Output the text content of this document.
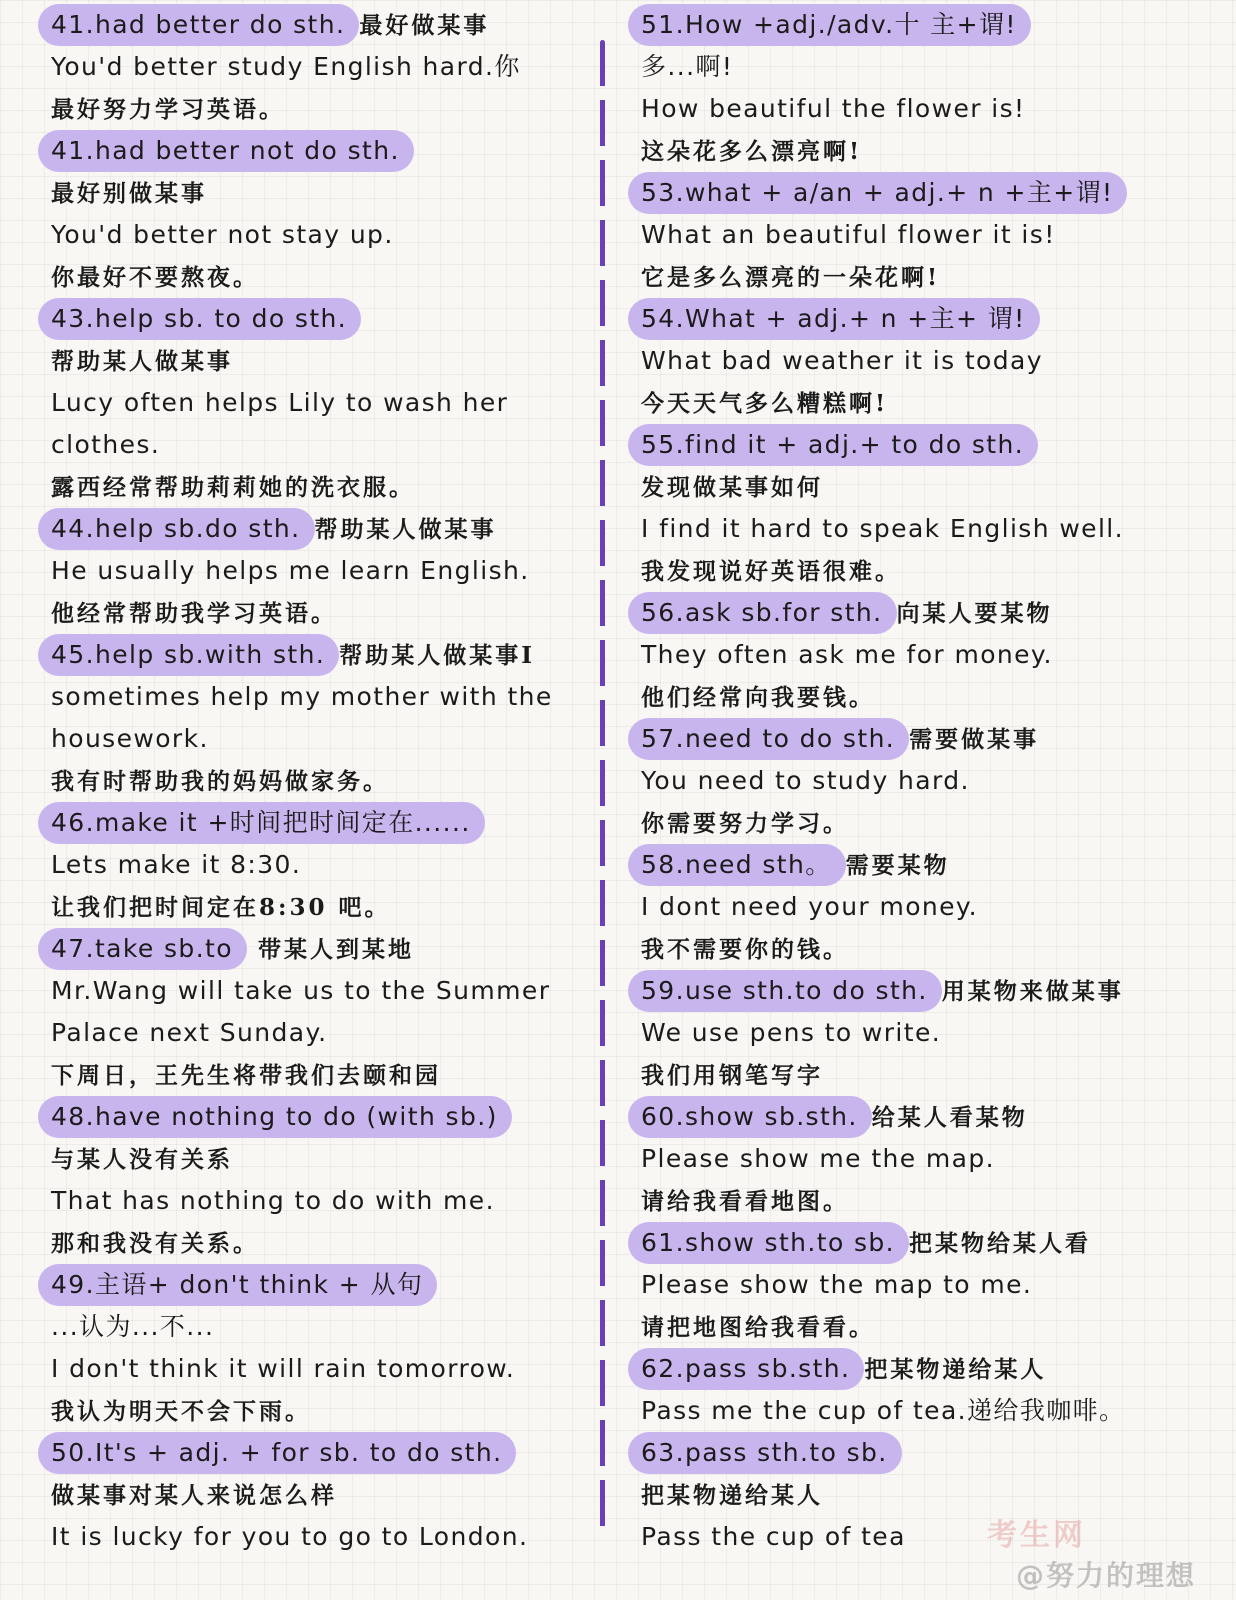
41.had better do sth. 最好做某事
You'd better study English hard.你
最好努力学习英语。
41.had better not do sth.
最好别做某事
You'd better not stay up.
你最好不要熬夜。
43.help sb. to do sth.
帮助某人做某事
Lucy often helps Lily to wash her
clothes.
露西经常帮助莉莉她的洗衣服。
44.help sb.do sth. 帮助某人做某事
He usually helps me learn English.
他经常帮助我学习英语。
45.help sb.with sth. 帮助某人做某事I
sometimes help my mother with the
housework.
我有时帮助我的妈妈做家务。
46.make it +时间把时间定在......
Lets make it 8:30.
让我们把时间定在8:30 吧。
47.take sb.to 带某人到某地
Mr.Wang will take us to the Summer
Palace next Sunday.
下周日，王先生将带我们去颐和园
48.have nothing to do (with sb.)
与某人没有关系
That has nothing to do with me.
那和我没有关系。
49.主语+ don't think + 从句
...认为...不...
I don't think it will rain tomorrow.
我认为明天不会下雨。
50.It's + adj. + for sb. to do sth.
做某事对某人来说怎么样
It is lucky for you to go to London.
51.How +adj./adv.十 主+谓!
多...啊!
How beautiful the flower is!
这朵花多么漂亮啊!
53.what + a/an + adj.+ n +主+谓!
What an beautiful flower it is!
它是多么漂亮的一朵花啊!
54.What + adj.+ n +主+ 谓!
What bad weather it is today
今天天气多么糟糕啊!
55.find it + adj.+ to do sth.
发现做某事如何
I find it hard to speak English well.
我发现说好英语很难。
56.ask sb.for sth. 向某人要某物
They often ask me for money.
他们经常向我要钱。
57.need to do sth. 需要做某事
You need to study hard.
你需要努力学习。
58.need sth。 需要某物
I dont need your money.
我不需要你的钱。
59.use sth.to do sth. 用某物来做某事
We use pens to write.
我们用钢笔写字
60.show sb.sth. 给某人看某物
Please show me the map.
请给我看看地图。
61.show sth.to sb. 把某物给某人看
Please show the map to me.
请把地图给我看看。
62.pass sb.sth. 把某物递给某人
Pass me the cup of tea.递给我咖啡。
63.pass sth.to sb.
把某物递给某人
Pass the cup of tea	考生网
@努力的理想
